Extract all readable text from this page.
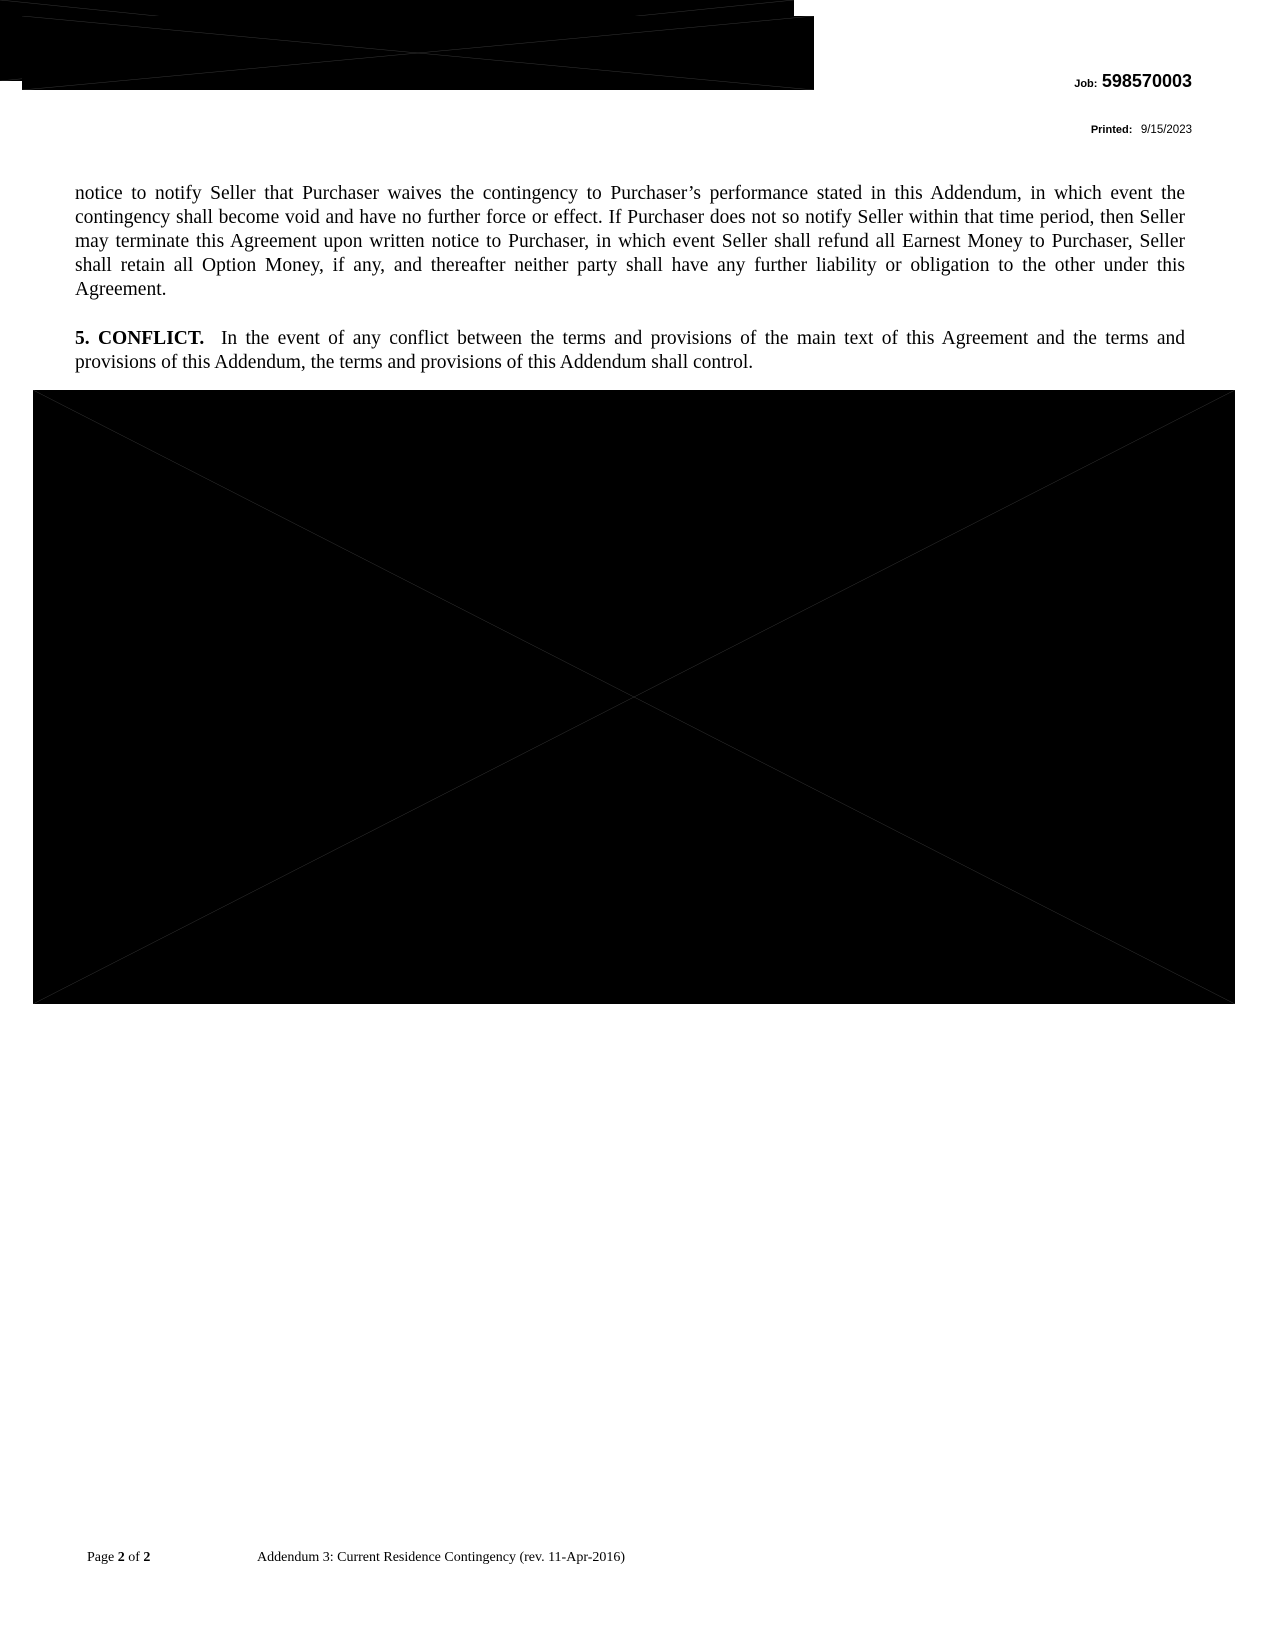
Job: 598570003
Printed: 9/15/2023

notice to notify Seller that Purchaser waives the contingency to Purchaser’s performance stated in this Addendum, in which event the contingency shall become void and have no further force or effect. If Purchaser does not so notify Seller within that time period, then Seller may terminate this Agreement upon written notice to Purchaser, in which event Seller shall refund all Earnest Money to Purchaser, Seller shall retain all Option Money, if any, and thereafter neither party shall have any further liability or obligation to the other under this Agreement.

5. CONFLICT. In the event of any conflict between the terms and provisions of the main text of this Agreement and the terms and provisions of this Addendum, the terms and provisions of this Addendum shall control.

Page 2 of 2	Addendum 3: Current Residence Contingency (rev. 11-Apr-2016)
